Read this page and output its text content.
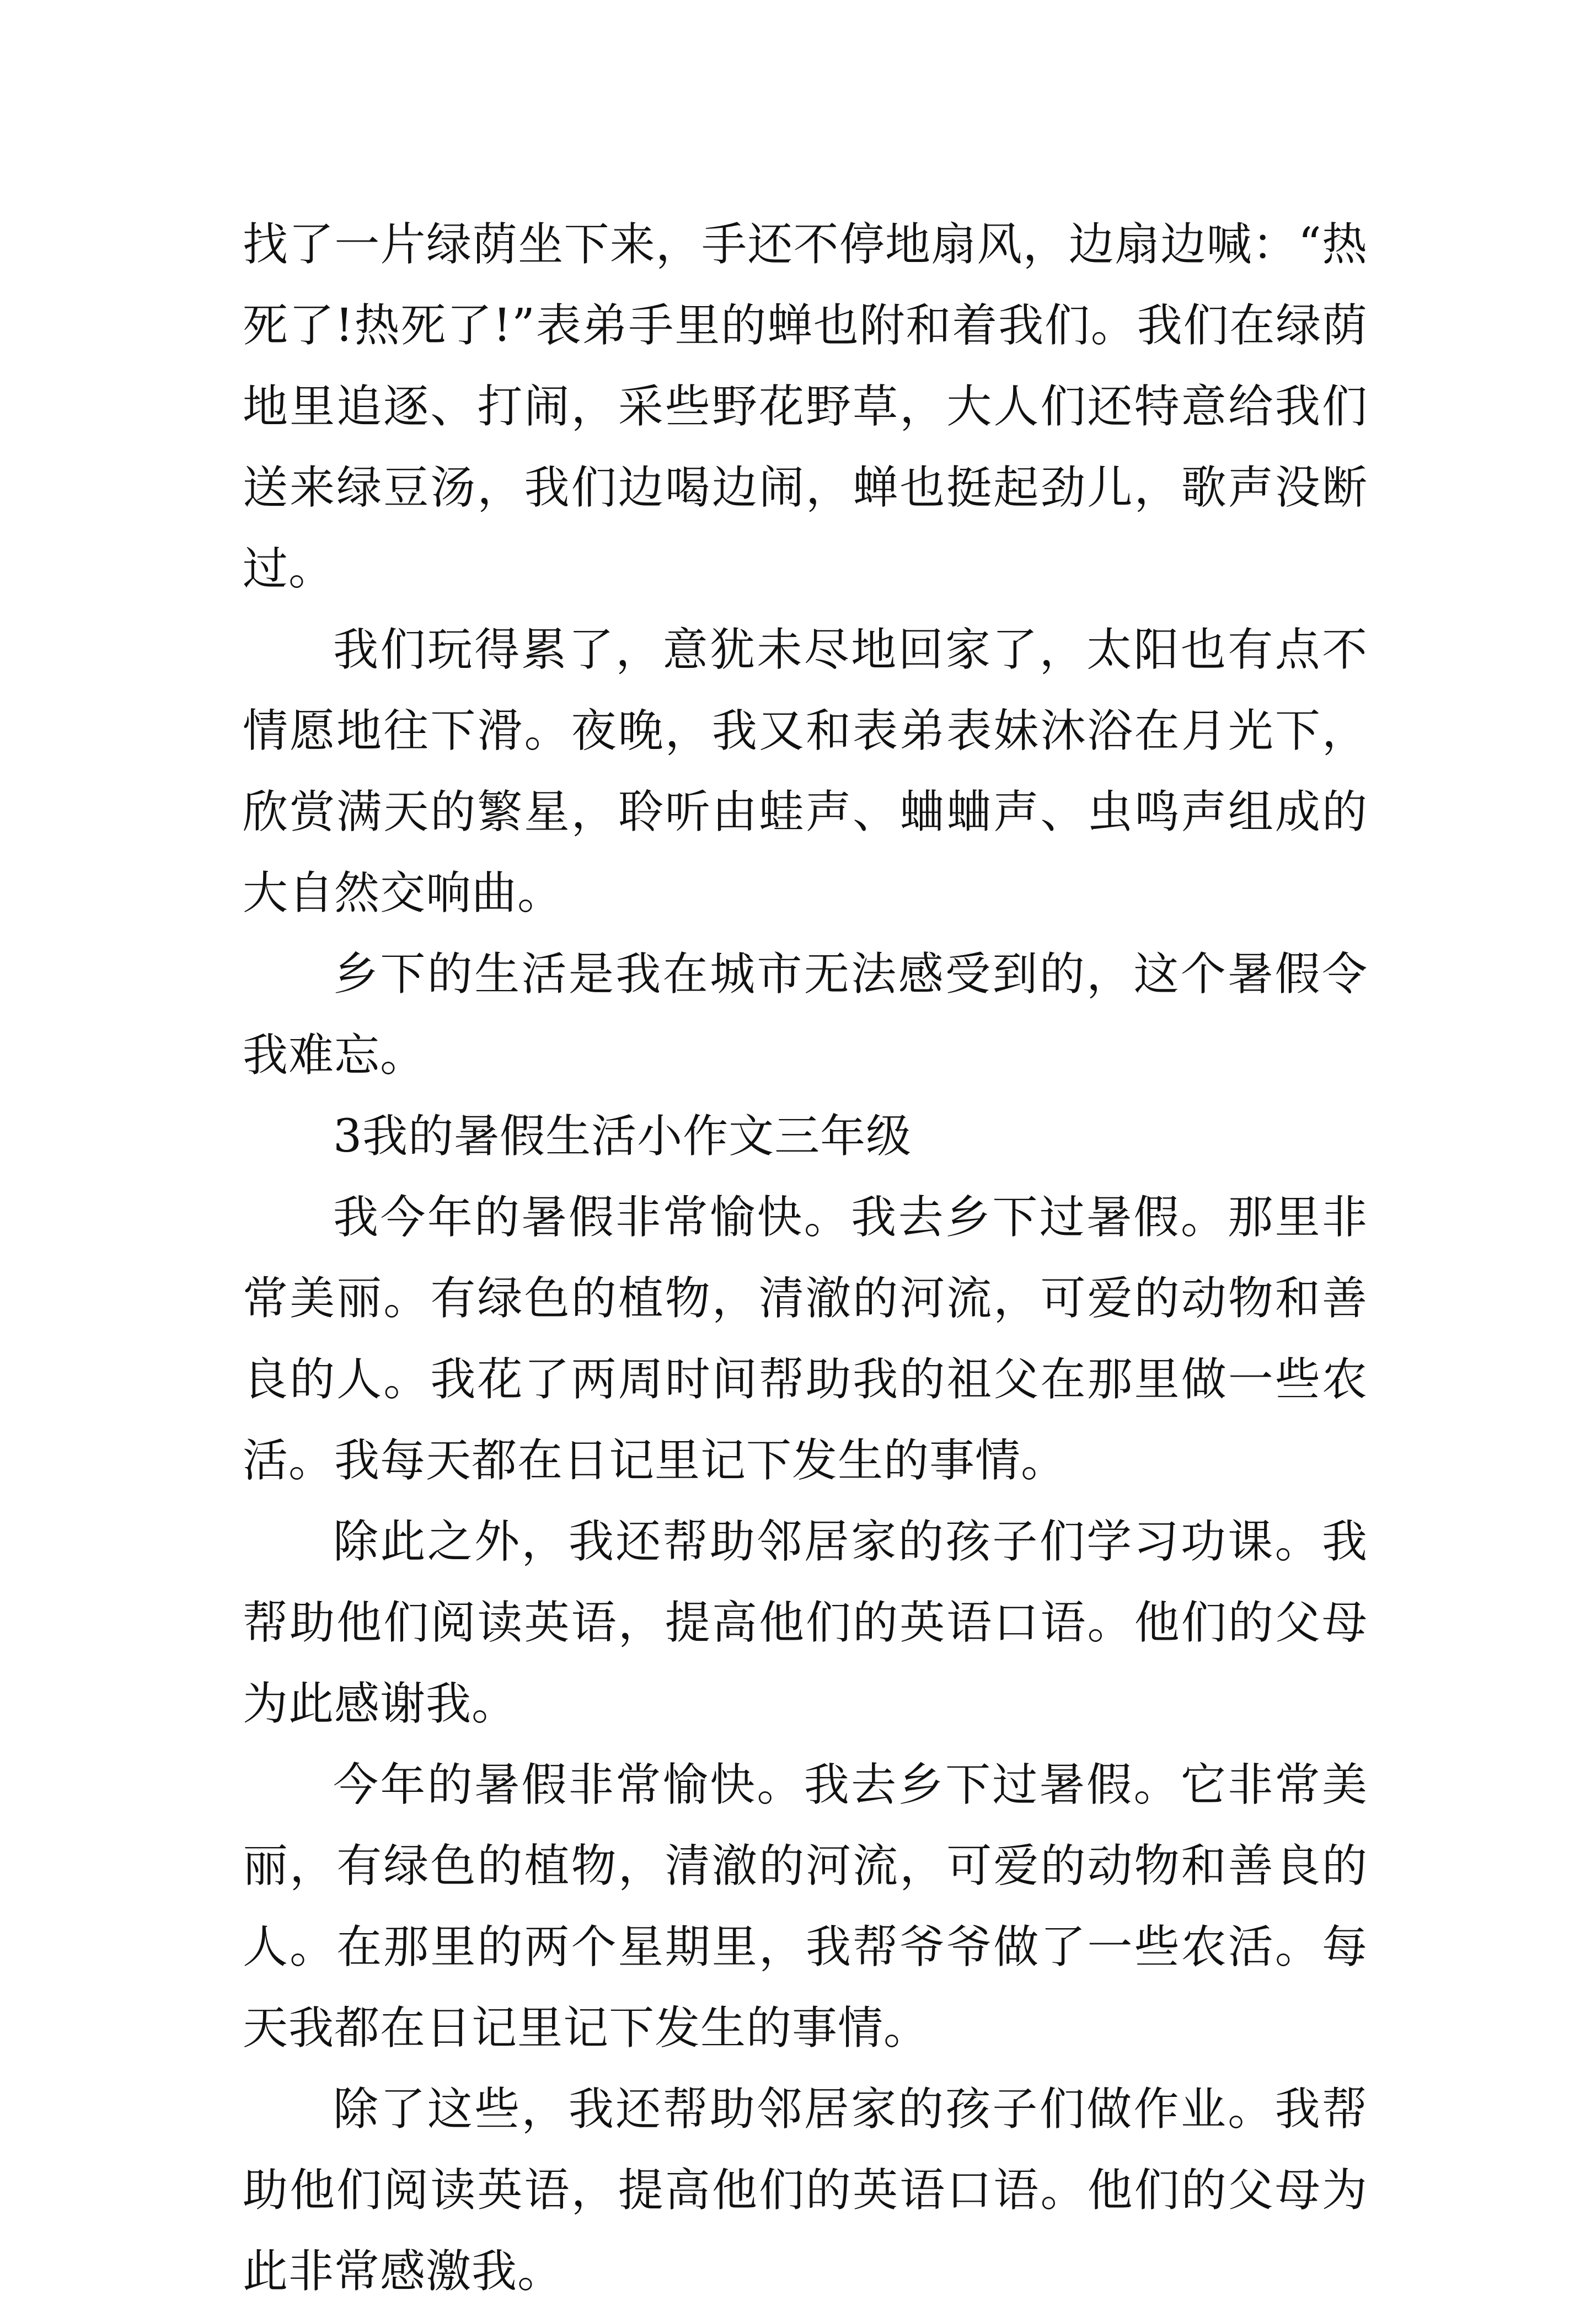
找了一片绿荫坐下来，手还不停地扇风，边扇边喊：“热死了!热死了!”表弟手里的蝉也附和着我们。我们在绿荫地里追逐、打闹，采些野花野草，大人们还特意给我们送来绿豆汤，我们边喝边闹，蝉也挺起劲儿，歌声没断过。

我们玩得累了，意犹未尽地回家了，太阳也有点不情愿地往下滑。夜晚，我又和表弟表妹沐浴在月光下，欣赏满天的繁星，聆听由蛙声、蛐蛐声、虫鸣声组成的大自然交响曲。

乡下的生活是我在城市无法感受到的，这个暑假令我难忘。

3我的暑假生活小作文三年级

我今年的暑假非常愉快。我去乡下过暑假。那里非常美丽。有绿色的植物，清澈的河流，可爱的动物和善良的人。我花了两周时间帮助我的祖父在那里做一些农活。我每天都在日记里记下发生的事情。

除此之外，我还帮助邻居家的孩子们学习功课。我帮助他们阅读英语，提高他们的英语口语。他们的父母为此感谢我。

今年的暑假非常愉快。我去乡下过暑假。它非常美丽，有绿色的植物，清澈的河流，可爱的动物和善良的人。在那里的两个星期里，我帮爷爷做了一些农活。每天我都在日记里记下发生的事情。

除了这些，我还帮助邻居家的孩子们做作业。我帮助他们阅读英语，提高他们的英语口语。他们的父母为此非常感激我。
